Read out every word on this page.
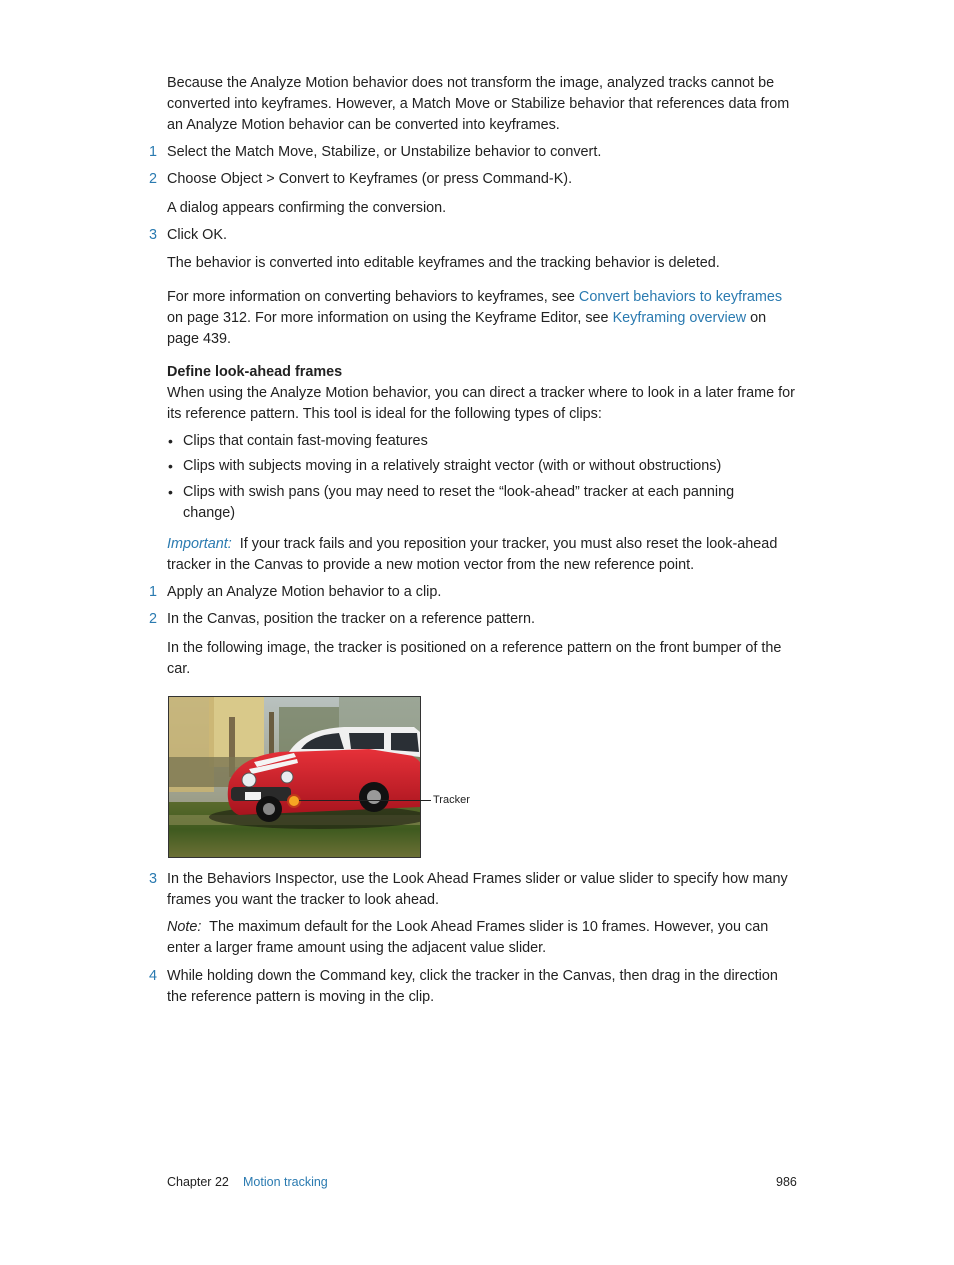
Because the Analyze Motion behavior does not transform the image, analyzed tracks cannot be converted into keyframes. However, a Match Move or Stabilize behavior that references data from an Analyze Motion behavior can be converted into keyframes.

1 Select the Match Move, Stabilize, or Unstabilize behavior to convert.

2 Choose Object > Convert to Keyframes (or press Command-K).

A dialog appears confirming the conversion.

3 Click OK.

The behavior is converted into editable keyframes and the tracking behavior is deleted.

For more information on converting behaviors to keyframes, see Convert behaviors to keyframes on page 312. For more information on using the Keyframe Editor, see Keyframing overview on page 439.

Define look-ahead frames

When using the Analyze Motion behavior, you can direct a tracker where to look in a later frame for its reference pattern. This tool is ideal for the following types of clips:

• Clips that contain fast-moving features

• Clips with subjects moving in a relatively straight vector (with or without obstructions)

• Clips with swish pans (you may need to reset the “look-ahead” tracker at each panning change)

Important: If your track fails and you reposition your tracker, you must also reset the look-ahead tracker in the Canvas to provide a new motion vector from the new reference point.

1 Apply an Analyze Motion behavior to a clip.

2 In the Canvas, position the tracker on a reference pattern.

In the following image, the tracker is positioned on a reference pattern on the front bumper of the car.

Tracker
3 In the Behaviors Inspector, use the Look Ahead Frames slider or value slider to specify how many frames you want the tracker to look ahead.

Note: The maximum default for the Look Ahead Frames slider is 10 frames. However, you can enter a larger frame amount using the adjacent value slider.

4 While holding down the Command key, click the tracker in the Canvas, then drag in the direction the reference pattern is moving in the clip.

Chapter 22 Motion tracking	986
